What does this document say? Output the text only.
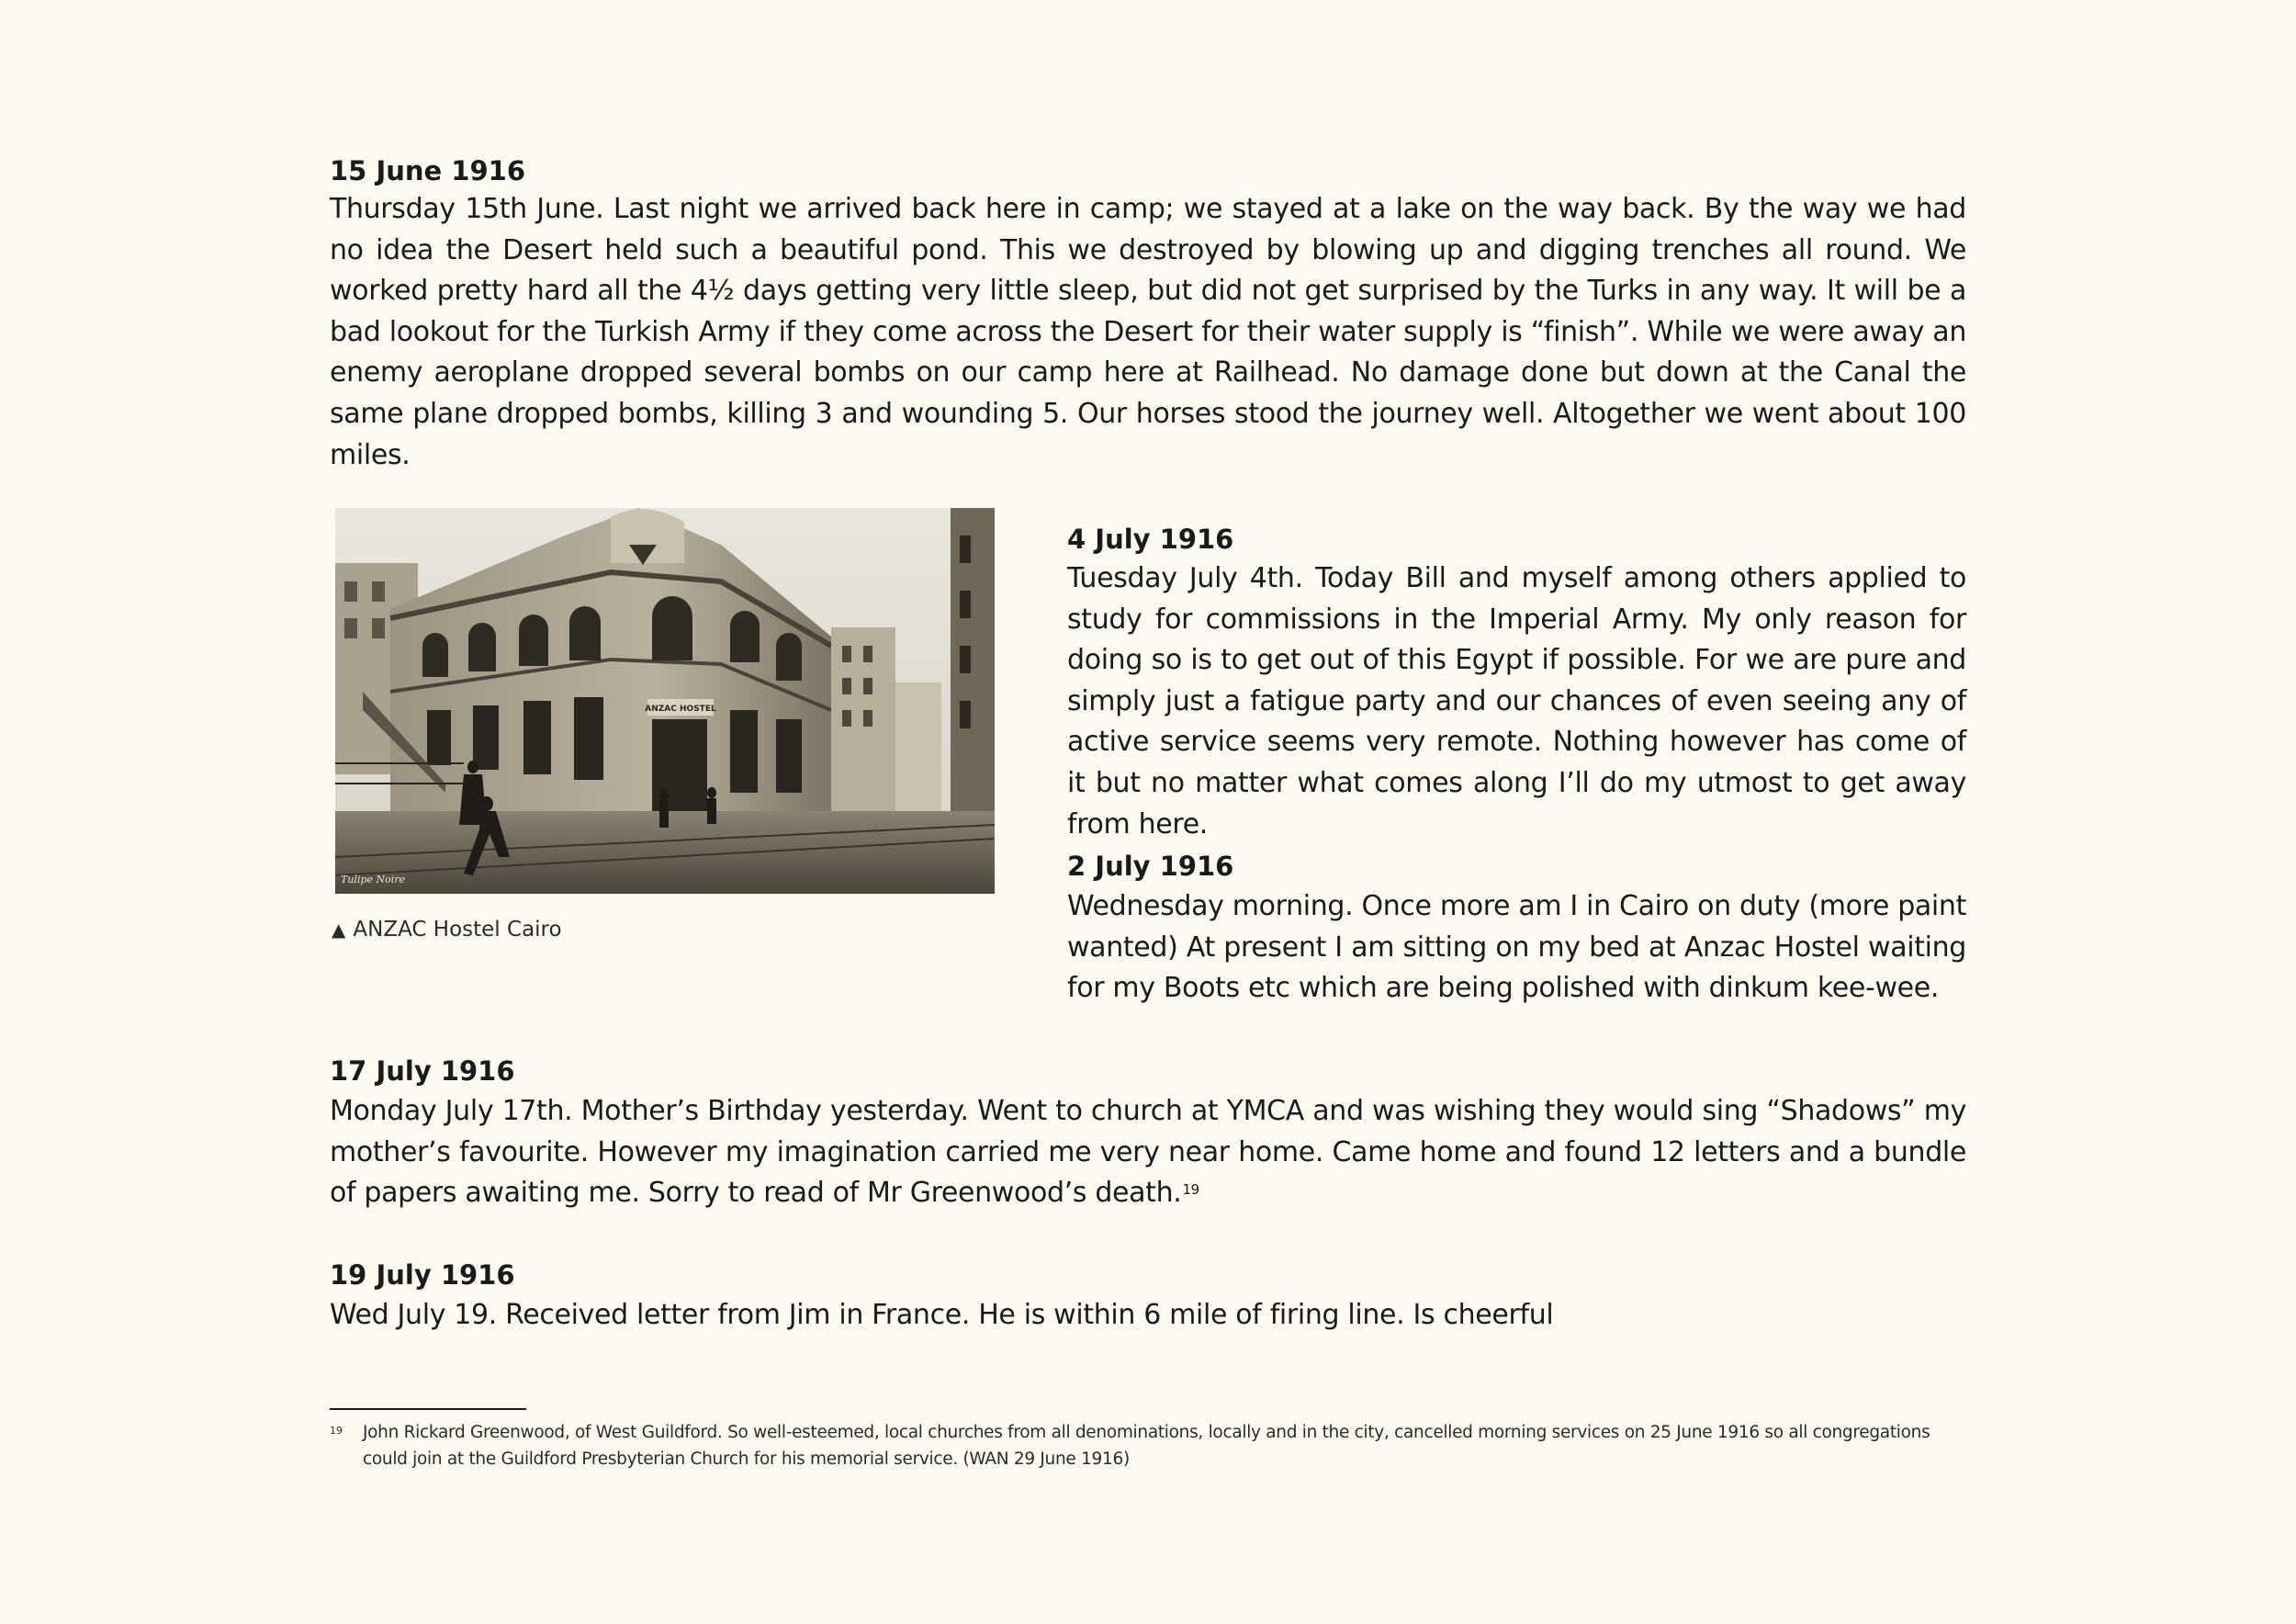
15 June 1916

Thursday 15th June. Last night we arrived back here in camp; we stayed at a lake on the way back. By the way we had no idea the Desert held such a beautiful pond. This we destroyed by blowing up and digging trenches all round. We worked pretty hard all the 4½ days getting very little sleep, but did not get surprised by the Turks in any way. It will be a bad lookout for the Turkish Army if they come across the Desert for their water supply is “finish”. While we were away an enemy aeroplane dropped several bombs on our camp here at Railhead. No damage done but down at the Canal the same plane dropped bombs, killing 3 and wounding 5. Our horses stood the journey well. Altogether we went about 100 miles.

ANZAC HOSTEL
Tulipe Noire
▲ ANZAC Hostel Cairo
4 July 1916

Tuesday July 4th. Today Bill and myself among others applied to study for commissions in the Imperial Army. My only reason for doing so is to get out of this Egypt if possible. For we are pure and simply just a fatigue party and our chances of even seeing any of active service seems very remote. Nothing however has come of it but no matter what comes along I’ll do my utmost to get away from here.

2 July 1916

Wednesday morning. Once more am I in Cairo on duty (more paint wanted) At present I am sitting on my bed at Anzac Hostel waiting for my Boots etc which are being polished with dinkum kee-wee.

17 July 1916

Monday July 17th. Mother’s Birthday yesterday. Went to church at YMCA and was wishing they would sing “Shadows” my mother’s favourite. However my imagination carried me very near home. Came home and found 12 letters and a bundle of papers awaiting me. Sorry to read of Mr Greenwood’s death.$^{19}$

19 July 1916

Wed July 19. Received letter from Jim in France. He is within 6 mile of firing line. Is cheerful

19 John Rickard Greenwood, of West Guildford. So well-esteemed, local churches from all denominations, locally and in the city, cancelled morning services on 25 June 1916 so all congregations could join at the Guildford Presbyterian Church for his memorial service. (WAN 29 June 1916)
